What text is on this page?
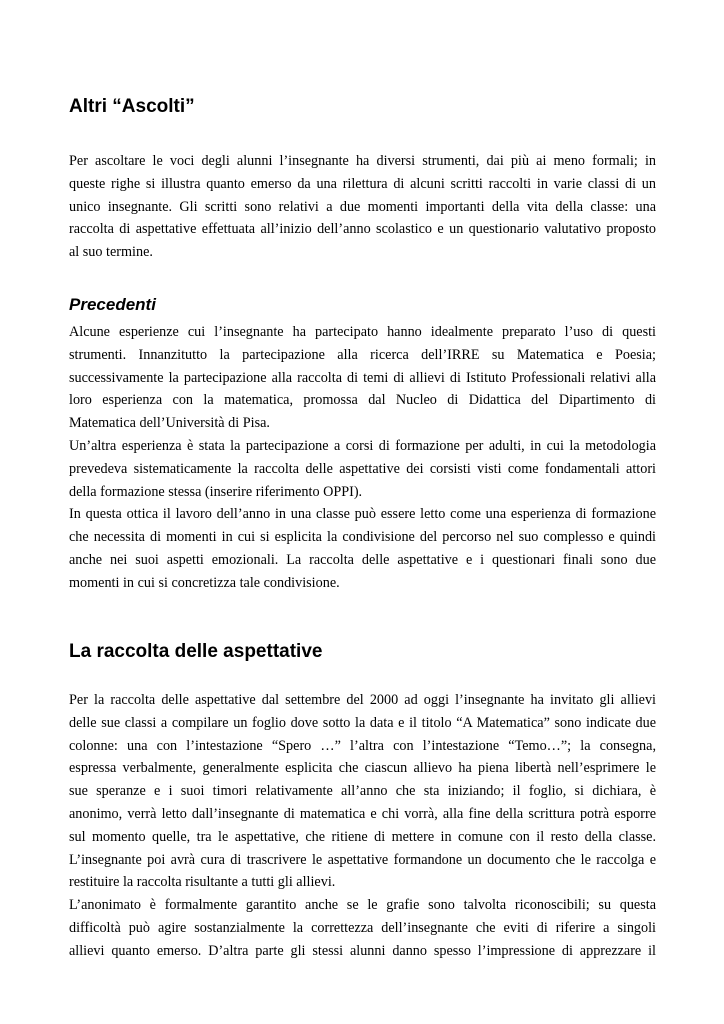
Altri “Ascolti”
Per ascoltare le voci degli alunni l’insegnante ha diversi strumenti, dai più ai meno formali; in
queste righe si illustra quanto emerso da una rilettura di alcuni scritti raccolti in varie classi di un
unico insegnante. Gli scritti sono relativi a due momenti importanti della vita della classe: una
raccolta di aspettative effettuata all’inizio dell’anno scolastico e un questionario valutativo proposto
al suo termine.
Precedenti
Alcune esperienze cui l’insegnante ha partecipato hanno idealmente preparato l’uso di questi
strumenti. Innanzitutto la partecipazione alla ricerca dell’IRRE su Matematica e Poesia;
successivamente la partecipazione alla raccolta di temi di allievi di Istituto Professionali relativi alla
loro esperienza con la matematica, promossa dal Nucleo di Didattica del Dipartimento di
Matematica dell’Università di Pisa.
Un’altra esperienza è stata la partecipazione a corsi di formazione per adulti, in cui la metodologia
prevedeva sistematicamente la raccolta delle aspettative dei corsisti visti come fondamentali attori
della formazione stessa (inserire riferimento OPPI).
In questa ottica il lavoro dell’anno in una classe può essere letto come una esperienza di formazione
che necessita di momenti in cui si esplicita la condivisione del percorso nel suo complesso e quindi
anche nei suoi aspetti emozionali. La raccolta delle aspettative e i questionari finali sono due
momenti in cui si concretizza tale condivisione.
La raccolta delle aspettative
Per la raccolta delle aspettative dal settembre del 2000 ad oggi l’insegnante ha invitato gli allievi
delle sue classi a compilare un foglio dove sotto la data e il titolo “A Matematica” sono indicate due
colonne: una con l’intestazione “Spero …” l’altra con l’intestazione “Temo…”; la consegna,
espressa verbalmente, generalmente esplicita che ciascun allievo ha piena libertà nell’esprimere le
sue speranze e i suoi timori relativamente all’anno che sta iniziando; il foglio, si dichiara, è
anonimo, verrà letto dall’insegnante di matematica e chi vorrà, alla fine della scrittura potrà esporre
sul momento quelle, tra le aspettative, che ritiene di mettere in comune con il resto della classe.
L’insegnante poi avrà cura di trascrivere le aspettative formandone un documento che le raccolga e
restituire la raccolta risultante a tutti gli allievi.
L’anonimato è formalmente garantito anche se le grafie sono talvolta riconoscibili; su questa
difficoltà può agire sostanzialmente la correttezza dell’insegnante che eviti di riferire a singoli
allievi quanto emerso. D’altra parte gli stessi alunni danno spesso l’impressione di apprezzare il
